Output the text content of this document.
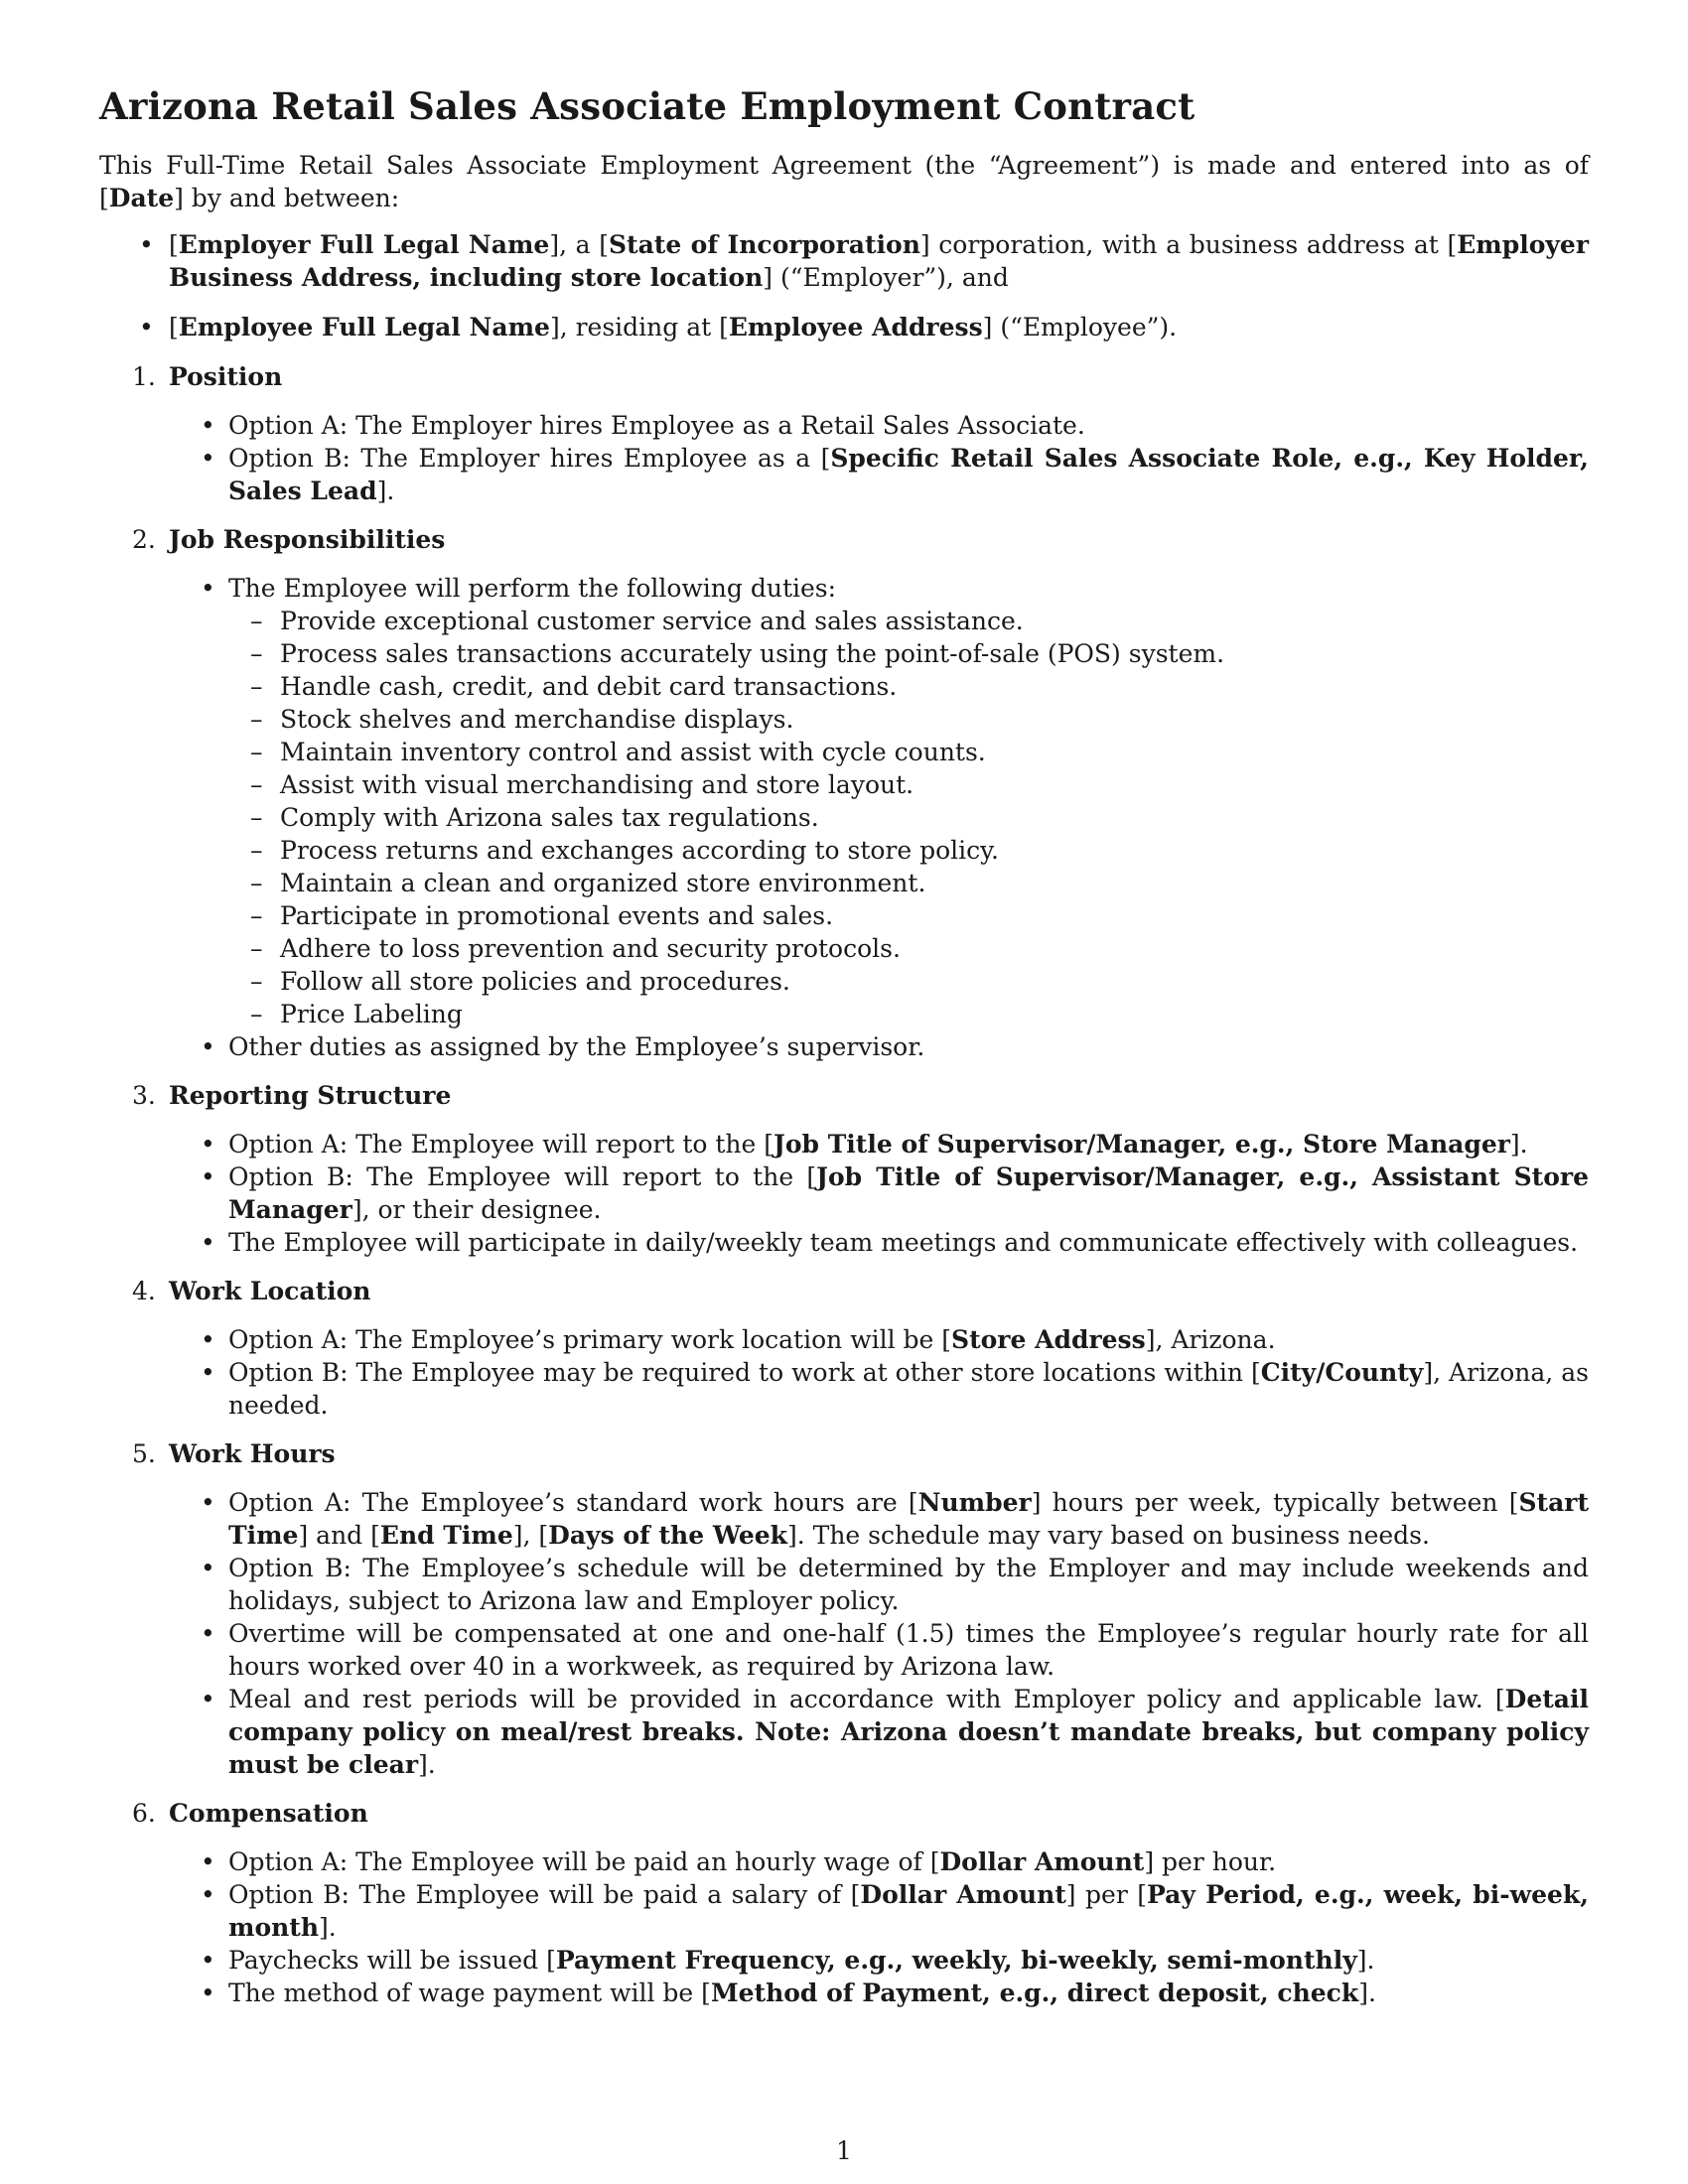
Arizona Retail Sales Associate Employment Contract

This Full-Time Retail Sales Associate Employment Agreement (the “Agreement”) is made and entered into as of [Date] by and between:

• [Employer Full Legal Name], a [State of Incorporation] corporation, with a business address at [Employer Business Address, including store location] (“Employer”), and
• [Employee Full Legal Name], residing at [Employee Address] (“Employee”).
1. Position
• Option A: The Employer hires Employee as a Retail Sales Associate.
• Option B: The Employer hires Employee as a [Specific Retail Sales Associate Role, e.g., Key Holder, Sales Lead].
2. Job Responsibilities
• The Employee will perform the following duties:
– Provide exceptional customer service and sales assistance.
– Process sales transactions accurately using the point-of-sale (POS) system.
– Handle cash, credit, and debit card transactions.
– Stock shelves and merchandise displays.
– Maintain inventory control and assist with cycle counts.
– Assist with visual merchandising and store layout.
– Comply with Arizona sales tax regulations.
– Process returns and exchanges according to store policy.
– Maintain a clean and organized store environment.
– Participate in promotional events and sales.
– Adhere to loss prevention and security protocols.
– Follow all store policies and procedures.
– Price Labeling
• Other duties as assigned by the Employee’s supervisor.
3. Reporting Structure
• Option A: The Employee will report to the [Job Title of Supervisor/Manager, e.g., Store Manager].
• Option B: The Employee will report to the [Job Title of Supervisor/Manager, e.g., Assistant Store Manager], or their designee.
• The Employee will participate in daily/weekly team meetings and communicate effectively with colleagues.
4. Work Location
• Option A: The Employee’s primary work location will be [Store Address], Arizona.
• Option B: The Employee may be required to work at other store locations within [City/County], Arizona, as needed.
5. Work Hours
• Option A: The Employee’s standard work hours are [Number] hours per week, typically between [Start Time] and [End Time], [Days of the Week]. The schedule may vary based on business needs.
• Option B: The Employee’s schedule will be determined by the Employer and may include weekends and holidays, subject to Arizona law and Employer policy.
• Overtime will be compensated at one and one-half (1.5) times the Employee’s regular hourly rate for all hours worked over 40 in a workweek, as required by Arizona law.
• Meal and rest periods will be provided in accordance with Employer policy and applicable law. [Detail company policy on meal/rest breaks. Note: Arizona doesn’t mandate breaks, but company policy must be clear].
6. Compensation
• Option A: The Employee will be paid an hourly wage of [Dollar Amount] per hour.
• Option B: The Employee will be paid a salary of [Dollar Amount] per [Pay Period, e.g., week, bi-week, month].
• Paychecks will be issued [Payment Frequency, e.g., weekly, bi-weekly, semi-monthly].
• The method of wage payment will be [Method of Payment, e.g., direct deposit, check].
1
